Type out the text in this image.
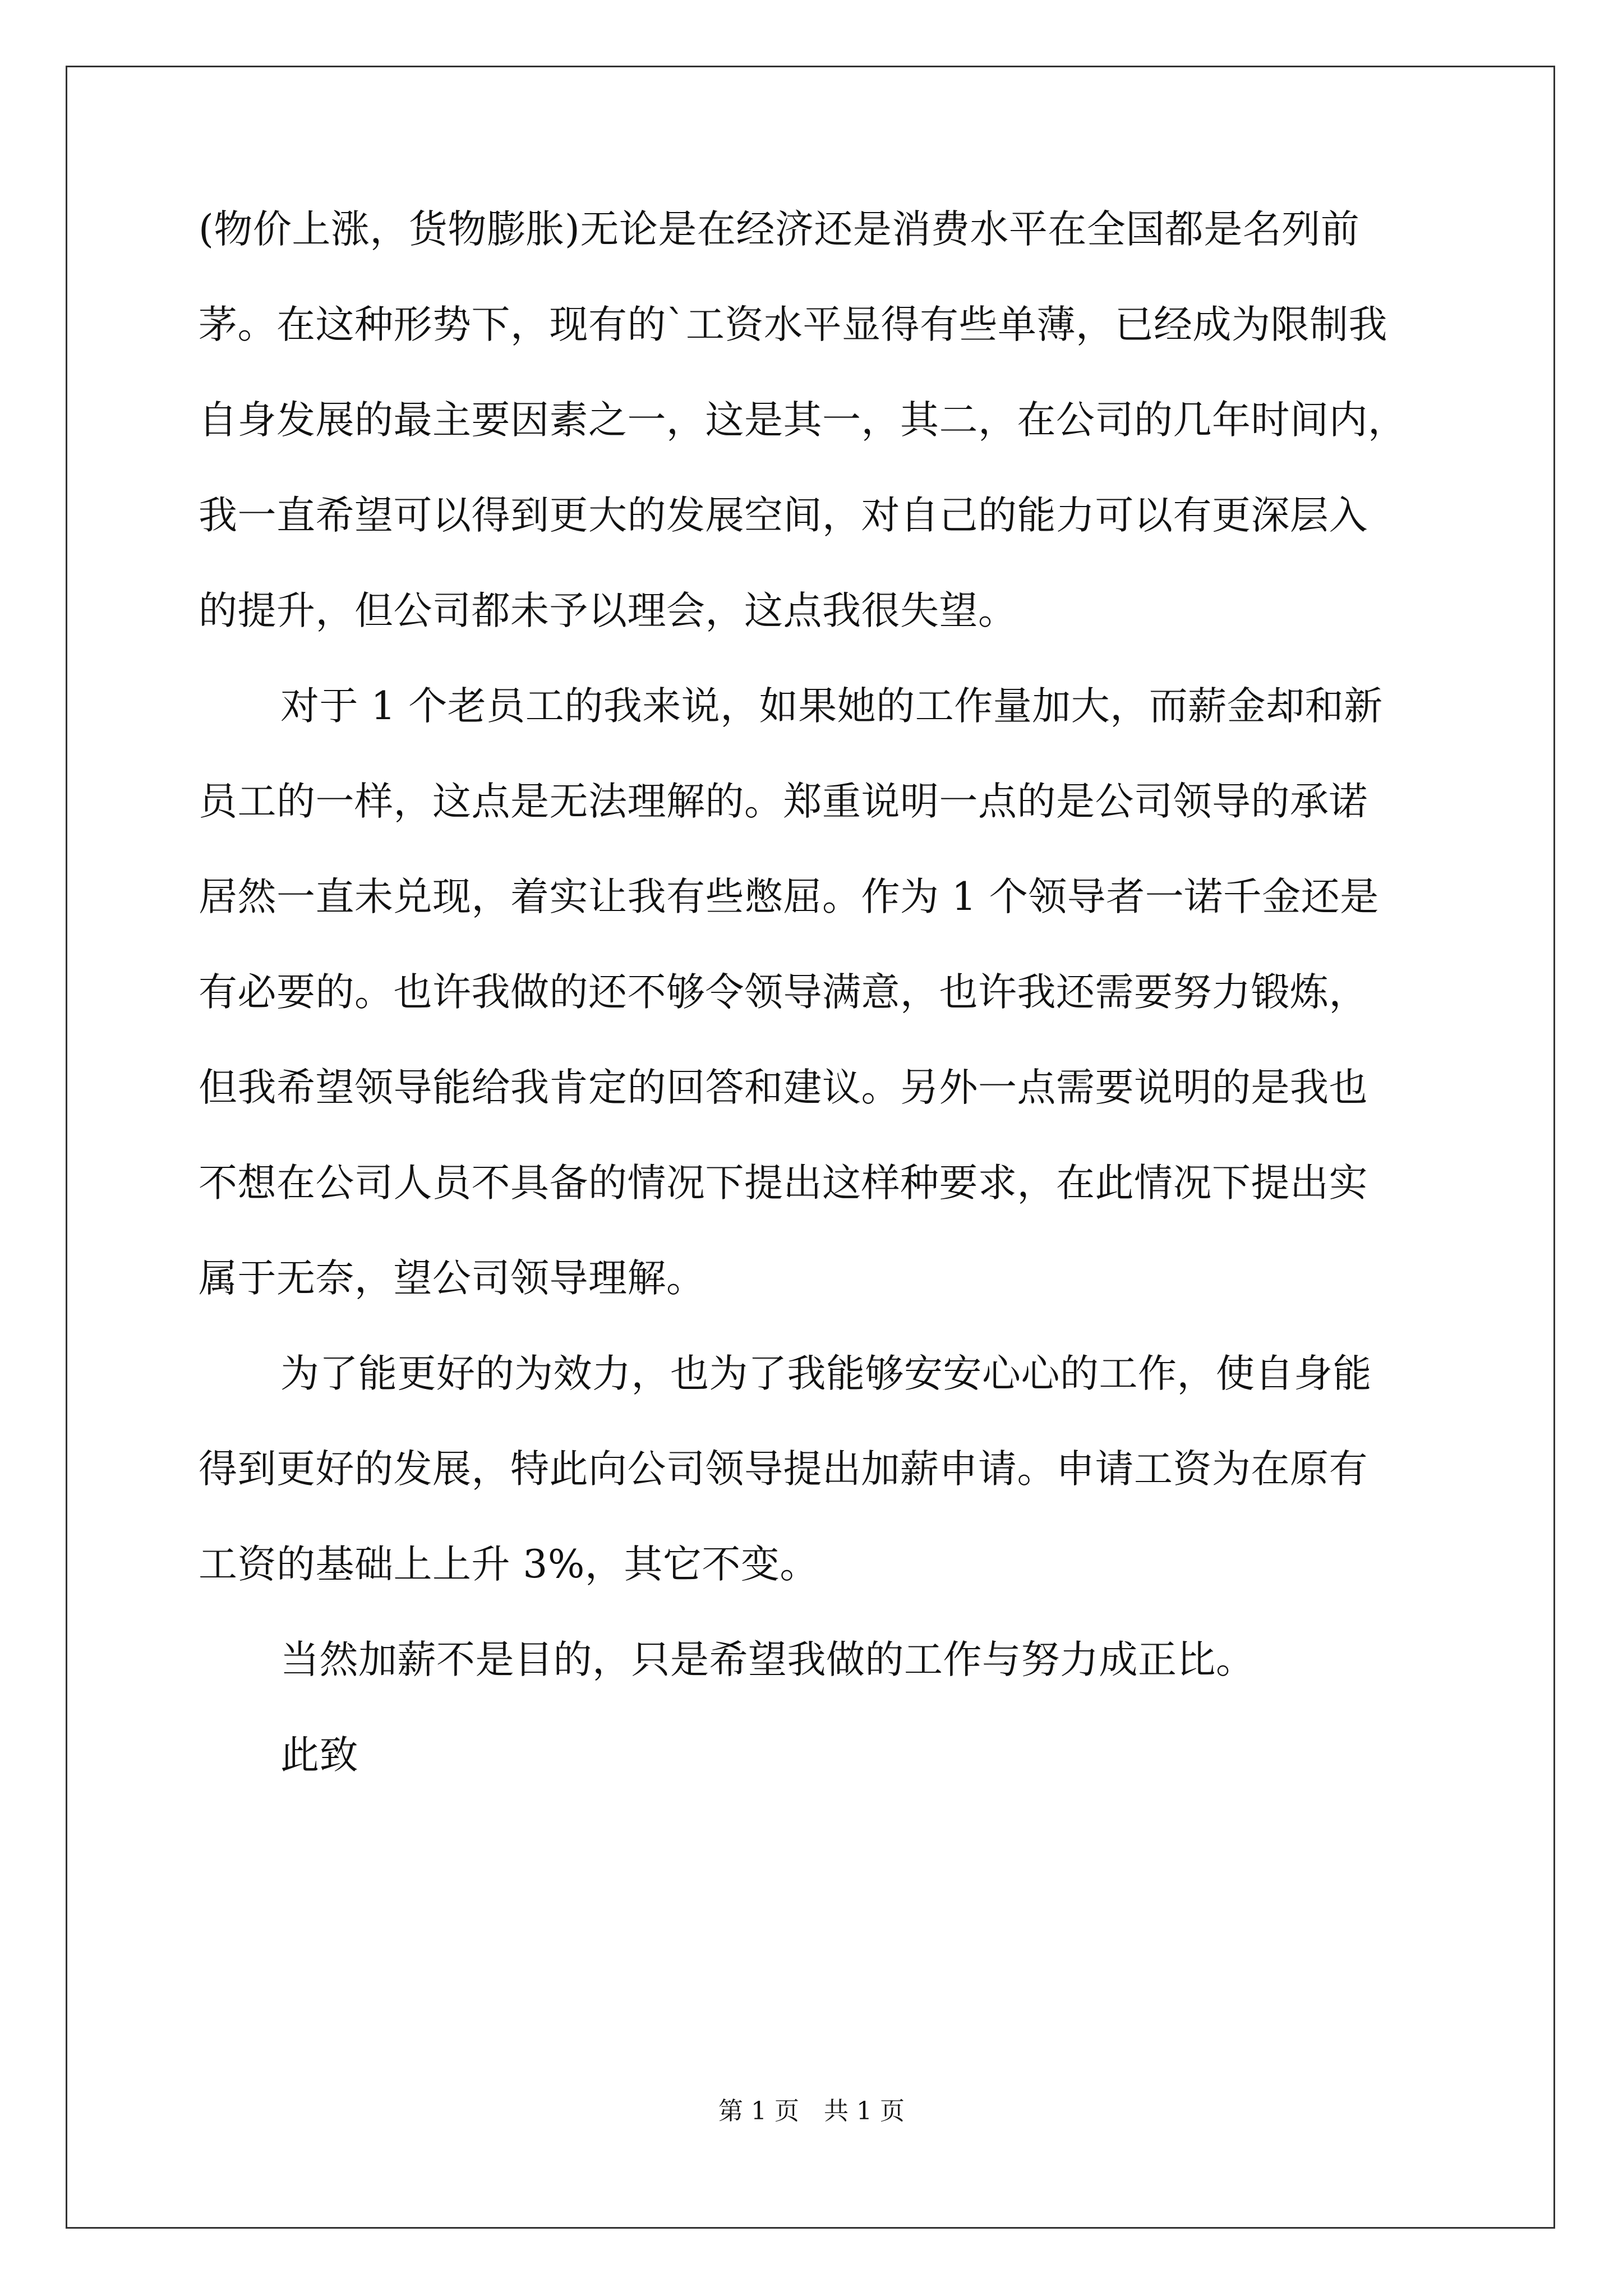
(物价上涨，货物膨胀)无论是在经济还是消费水平在全国都是名列前
茅。在这种形势下，现有的`工资水平显得有些单薄，已经成为限制我
自身发展的最主要因素之一，这是其一，其二，在公司的几年时间内，
我一直希望可以得到更大的发展空间，对自己的能力可以有更深层入
的提升，但公司都未予以理会，这点我很失望。
对于 1 个老员工的我来说，如果她的工作量加大，而薪金却和新
员工的一样，这点是无法理解的。郑重说明一点的是公司领导的承诺
居然一直未兑现，着实让我有些憋屈。作为 1 个领导者一诺千金还是
有必要的。也许我做的还不够令领导满意，也许我还需要努力锻炼，
但我希望领导能给我肯定的回答和建议。另外一点需要说明的是我也
不想在公司人员不具备的情况下提出这样种要求，在此情况下提出实
属于无奈，望公司领导理解。
为了能更好的为效力，也为了我能够安安心心的工作，使自身能
得到更好的发展，特此向公司领导提出加薪申请。申请工资为在原有
工资的基础上上升 3%，其它不变。
当然加薪不是目的，只是希望我做的工作与努力成正比。
此致
第 1 页　共 1 页
